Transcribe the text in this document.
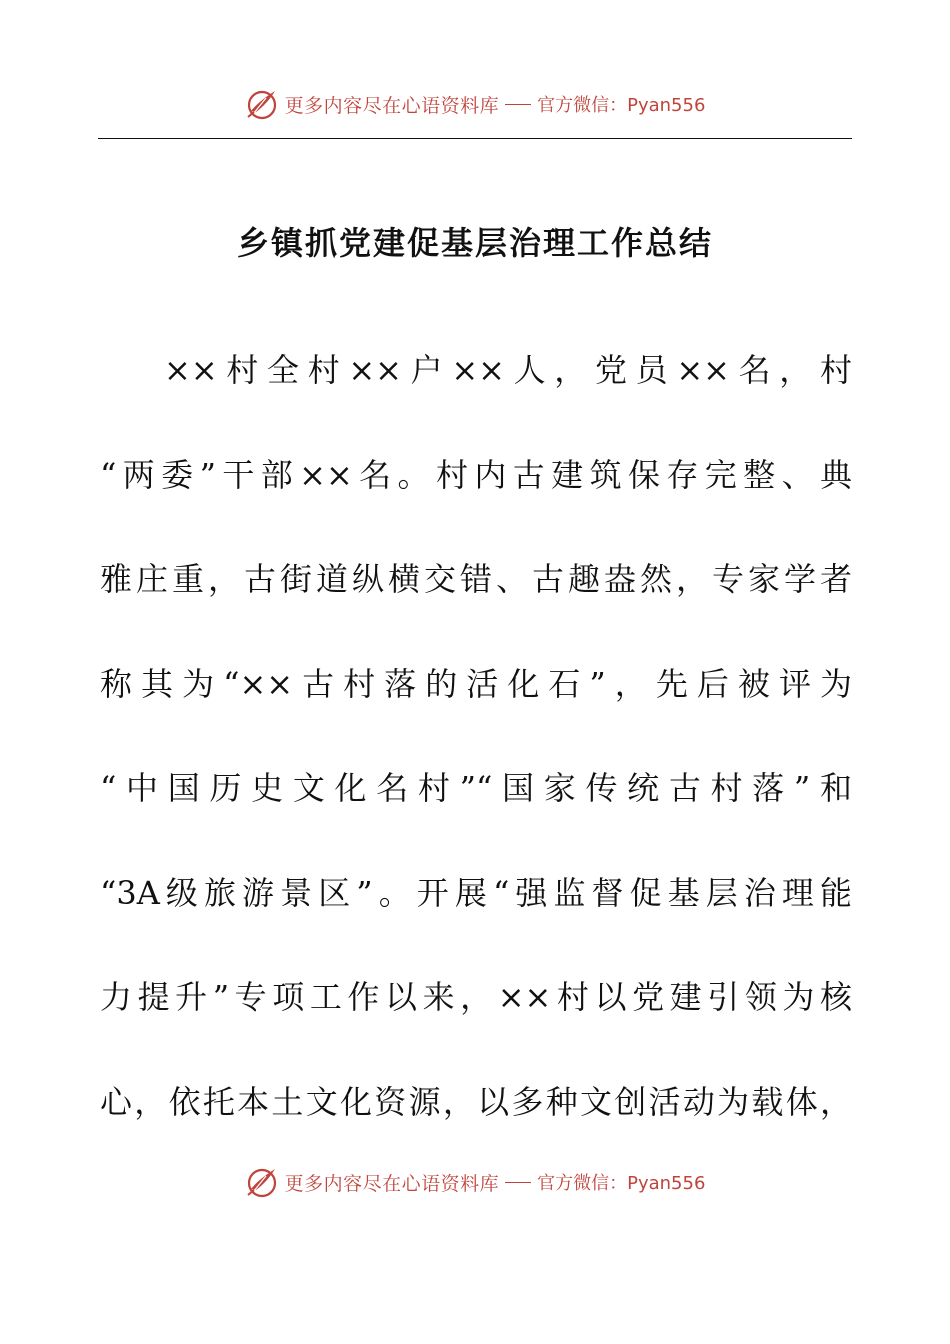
更多内容尽在心语资料库 官方微信：Pyan556
乡镇抓党建促基层治理工作总结
××村全村××户××人，党员××名，村
“两委”干部××名。村内古建筑保存完整、典
雅庄重，古街道纵横交错、古趣盎然，专家学者
称其为“××古村落的活化石”，先后被评为
“中国历史文化名村”“国家传统古村落”和
“3A级旅游景区”。开展“强监督促基层治理能
力提升”专项工作以来，××村以党建引领为核
心，依托本土文化资源，以多种文创活动为载体，
更多内容尽在心语资料库 官方微信：Pyan556
